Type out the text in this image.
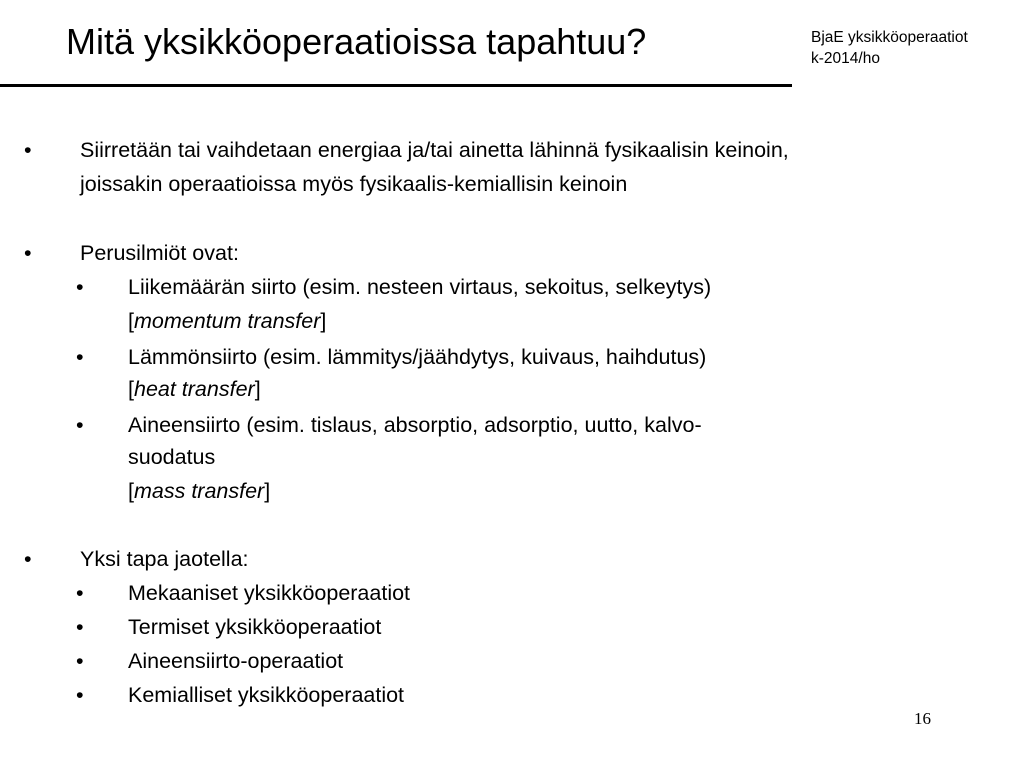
Mitä yksikköoperaatioissa tapahtuu?	BjaE yksikköoperaatiot
k-2014/ho
• Siirretään tai vaihdetaan energiaa ja/tai ainetta lähinnä fysikaalisin keinoin,
joissakin operaatioissa myös fysikaalis-kemiallisin keinoin
• Perusilmiöt ovat:
• Liikemäärän siirto (esim. nesteen virtaus, sekoitus, selkeytys)
[momentum transfer]
• Lämmönsiirto (esim. lämmitys/jäähdytys, kuivaus, haihdutus)
[heat transfer]
• Aineensiirto (esim. tislaus, absorptio, adsorptio, uutto, kalvo-
suodatus
[mass transfer]
• Yksi tapa jaotella:
• Mekaaniset yksikköoperaatiot
• Termiset yksikköoperaatiot
• Aineensiirto-operaatiot
• Kemialliset yksikköoperaatiot
16
